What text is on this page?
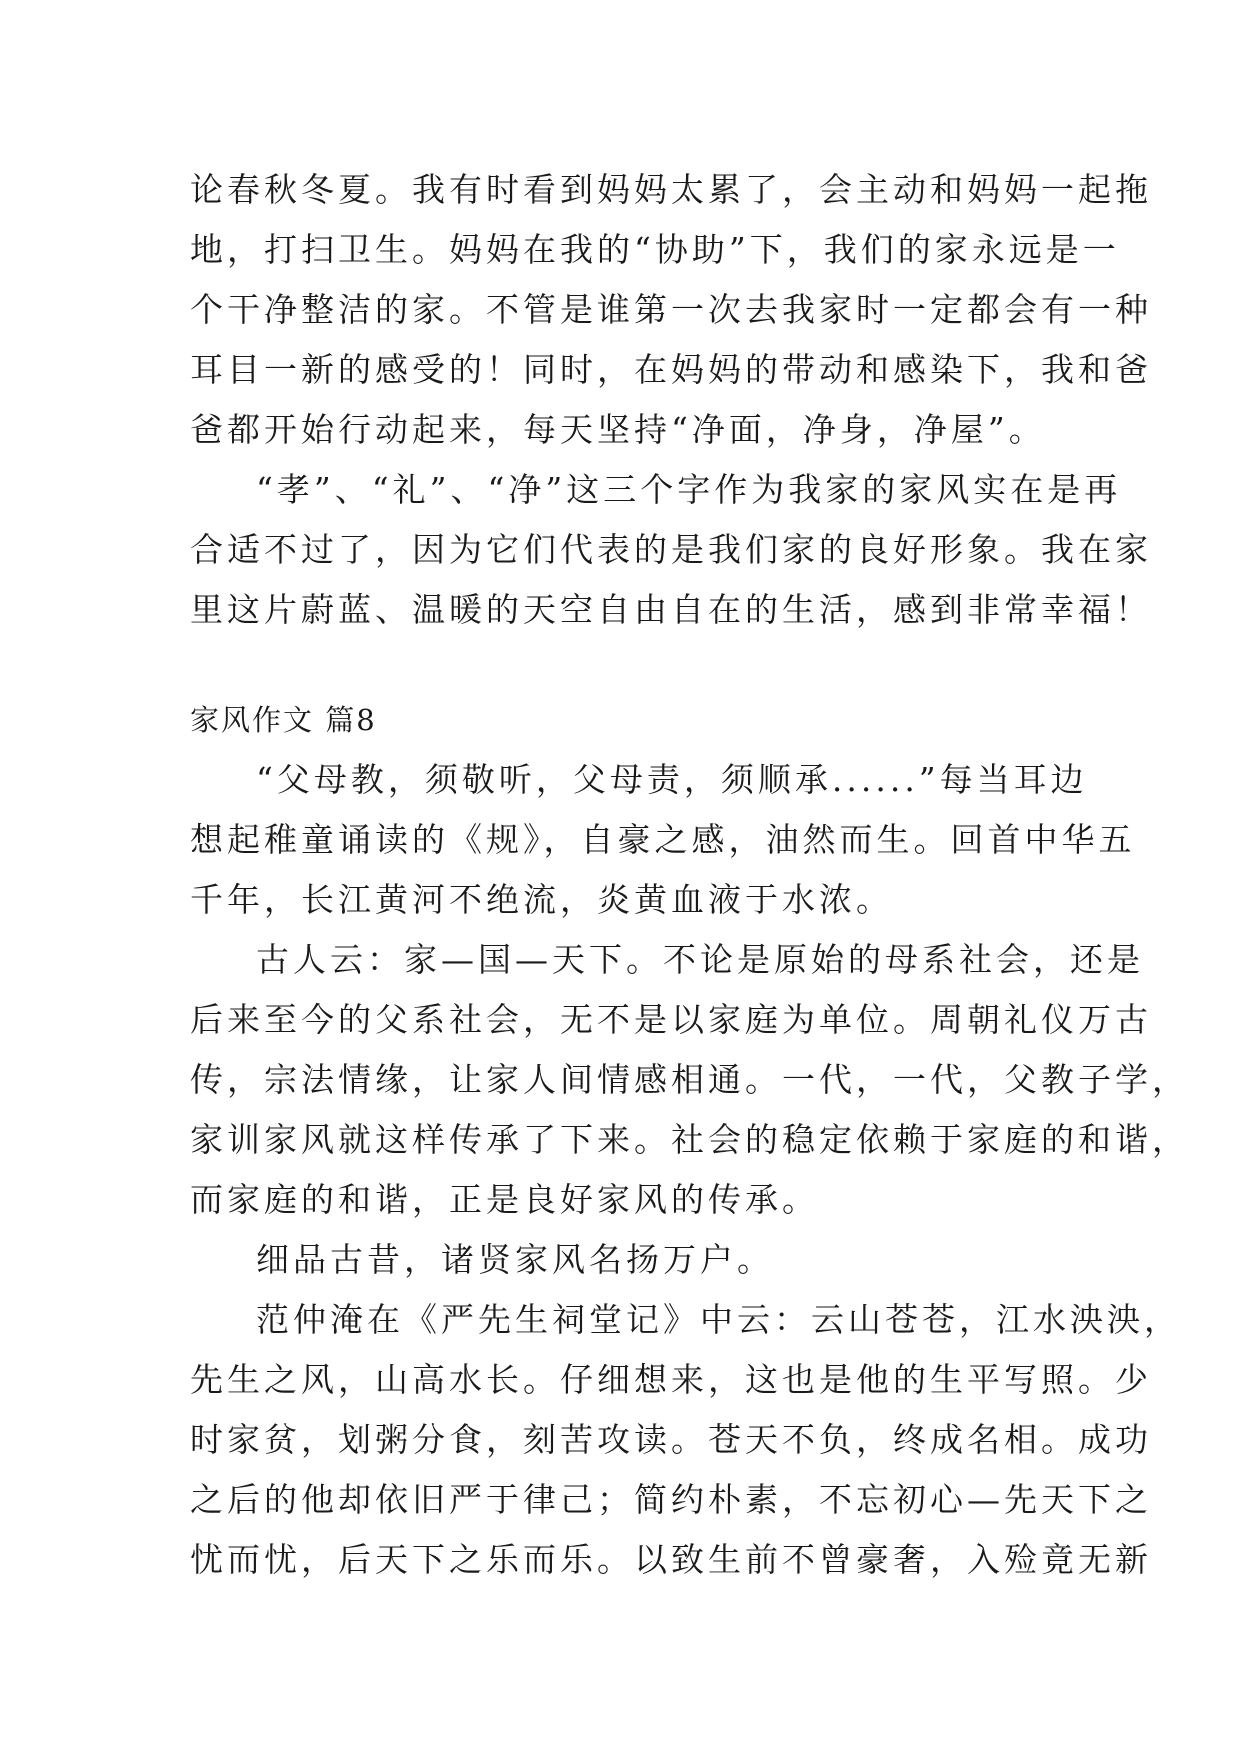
论春秋冬夏。我有时看到妈妈太累了，会主动和妈妈一起拖
地，打扫卫生。妈妈在我的“协助”下，我们的家永远是一
个干净整洁的家。不管是谁第一次去我家时一定都会有一种
耳目一新的感受的！同时，在妈妈的带动和感染下，我和爸
爸都开始行动起来，每天坚持“净面，净身，净屋”。
“孝”、“礼”、“净”这三个字作为我家的家风实在是再
合适不过了，因为它们代表的是我们家的良好形象。我在家
里这片蔚蓝、温暖的天空自由自在的生活，感到非常幸福！
家风作文 篇8
“父母教，须敬听，父母责，须顺承......”每当耳边
想起稚童诵读的《规》，自豪之感，油然而生。回首中华五
千年，长江黄河不绝流，炎黄血液于水浓。
古人云：家—国—天下。不论是原始的母系社会，还是
后来至今的父系社会，无不是以家庭为单位。周朝礼仪万古
传，宗法情缘，让家人间情感相通。一代，一代，父教子学，
家训家风就这样传承了下来。社会的稳定依赖于家庭的和谐，
而家庭的和谐，正是良好家风的传承。
细品古昔，诸贤家风名扬万户。
范仲淹在《严先生祠堂记》中云：云山苍苍，江水泱泱，
先生之风，山高水长。仔细想来，这也是他的生平写照。少
时家贫，划粥分食，刻苦攻读。苍天不负，终成名相。成功
之后的他却依旧严于律己；简约朴素，不忘初心—先天下之
忧而忧，后天下之乐而乐。以致生前不曾豪奢，入殓竟无新
